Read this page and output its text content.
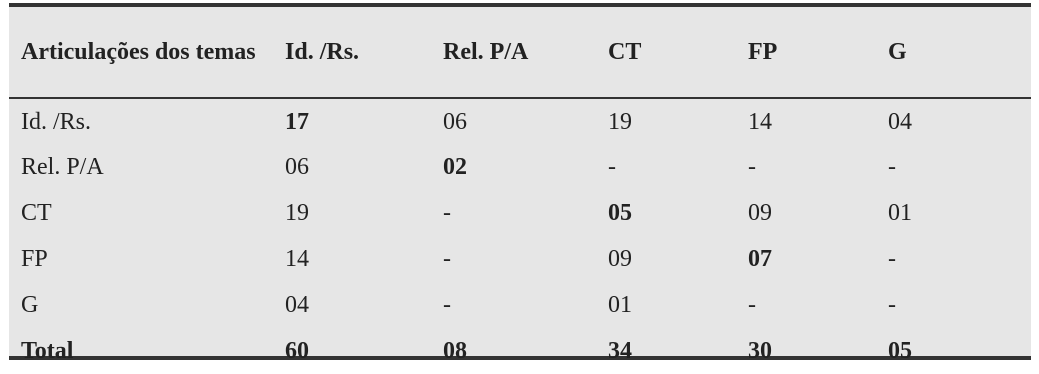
Articulações dos temas	Id. /Rs.	Rel. P/A	CT	FP	G
Id. /Rs.	17	06	19	14	04
Rel. P/A	06	02	-	-	-
CT	19	-	05	09	01
FP	14	-	09	07	-
G	04	-	01	-	-
Total	60	08	34	30	05
